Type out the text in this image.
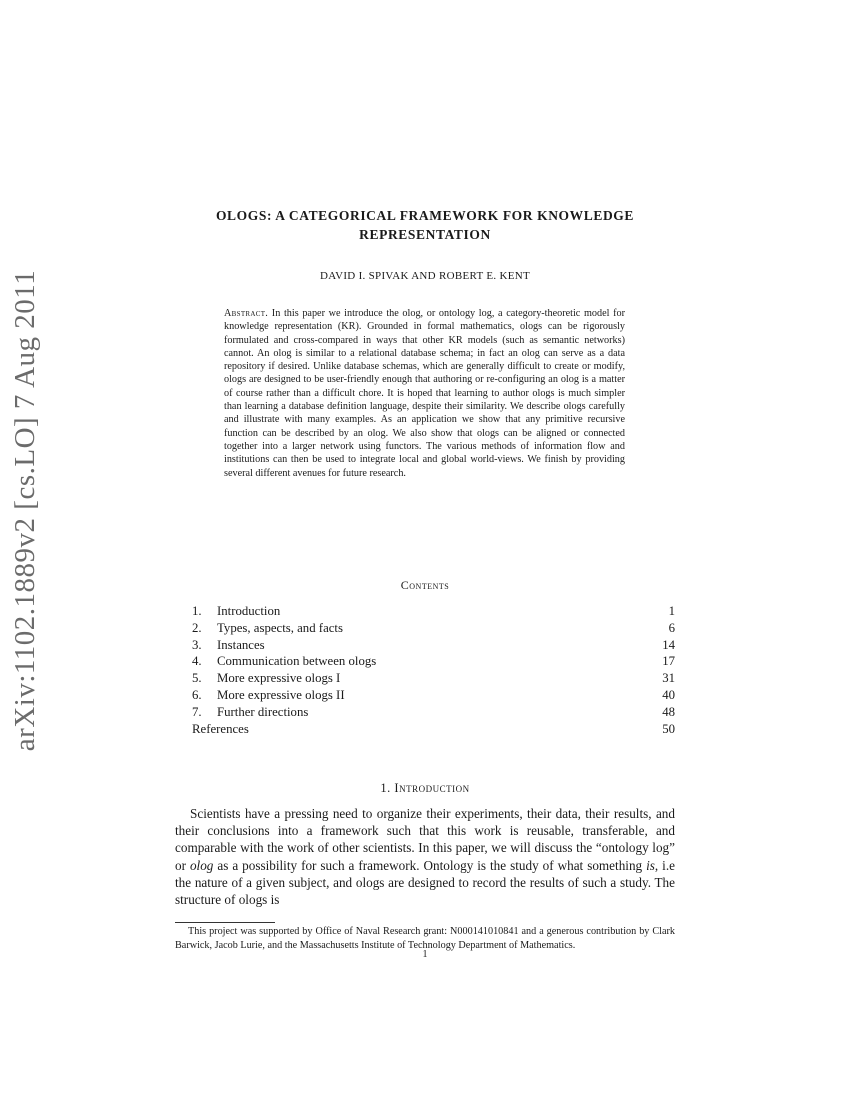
arXiv:1102.1889v2 [cs.LO] 7 Aug 2011
OLOGS: A CATEGORICAL FRAMEWORK FOR KNOWLEDGE
REPRESENTATION
DAVID I. SPIVAK AND ROBERT E. KENT
Abstract. In this paper we introduce the olog, or ontology log, a category-theoretic model for knowledge representation (KR). Grounded in formal mathematics, ologs can be rigorously formulated and cross-compared in ways that other KR models (such as semantic networks) cannot. An olog is similar to a relational database schema; in fact an olog can serve as a data repository if desired. Unlike database schemas, which are generally difficult to create or modify, ologs are designed to be user-friendly enough that authoring or re-configuring an olog is a matter of course rather than a difficult chore. It is hoped that learning to author ologs is much simpler than learning a database definition language, despite their similarity. We describe ologs carefully and illustrate with many examples. As an application we show that any primitive recursive function can be described by an olog. We also show that ologs can be aligned or connected together into a larger network using functors. The various methods of information flow and institutions can then be used to integrate local and global world-views. We finish by providing several different avenues for future research.
Contents
1. Introduction	1
2. Types, aspects, and facts	6
3. Instances	14
4. Communication between ologs	17
5. More expressive ologs I	31
6. More expressive ologs II	40
7. Further directions	48
References	50
1. Introduction

Scientists have a pressing need to organize their experiments, their data, their results, and their conclusions into a framework such that this work is reusable, transferable, and comparable with the work of other scientists. In this paper, we will discuss the “ontology log” or olog as a possibility for such a framework. Ontology is the study of what something is, i.e the nature of a given subject, and ologs are designed to record the results of such a study. The structure of ologs is

This project was supported by Office of Naval Research grant: N000141010841 and a generous contribution by Clark Barwick, Jacob Lurie, and the Massachusetts Institute of Technology Department of Mathematics.

1
